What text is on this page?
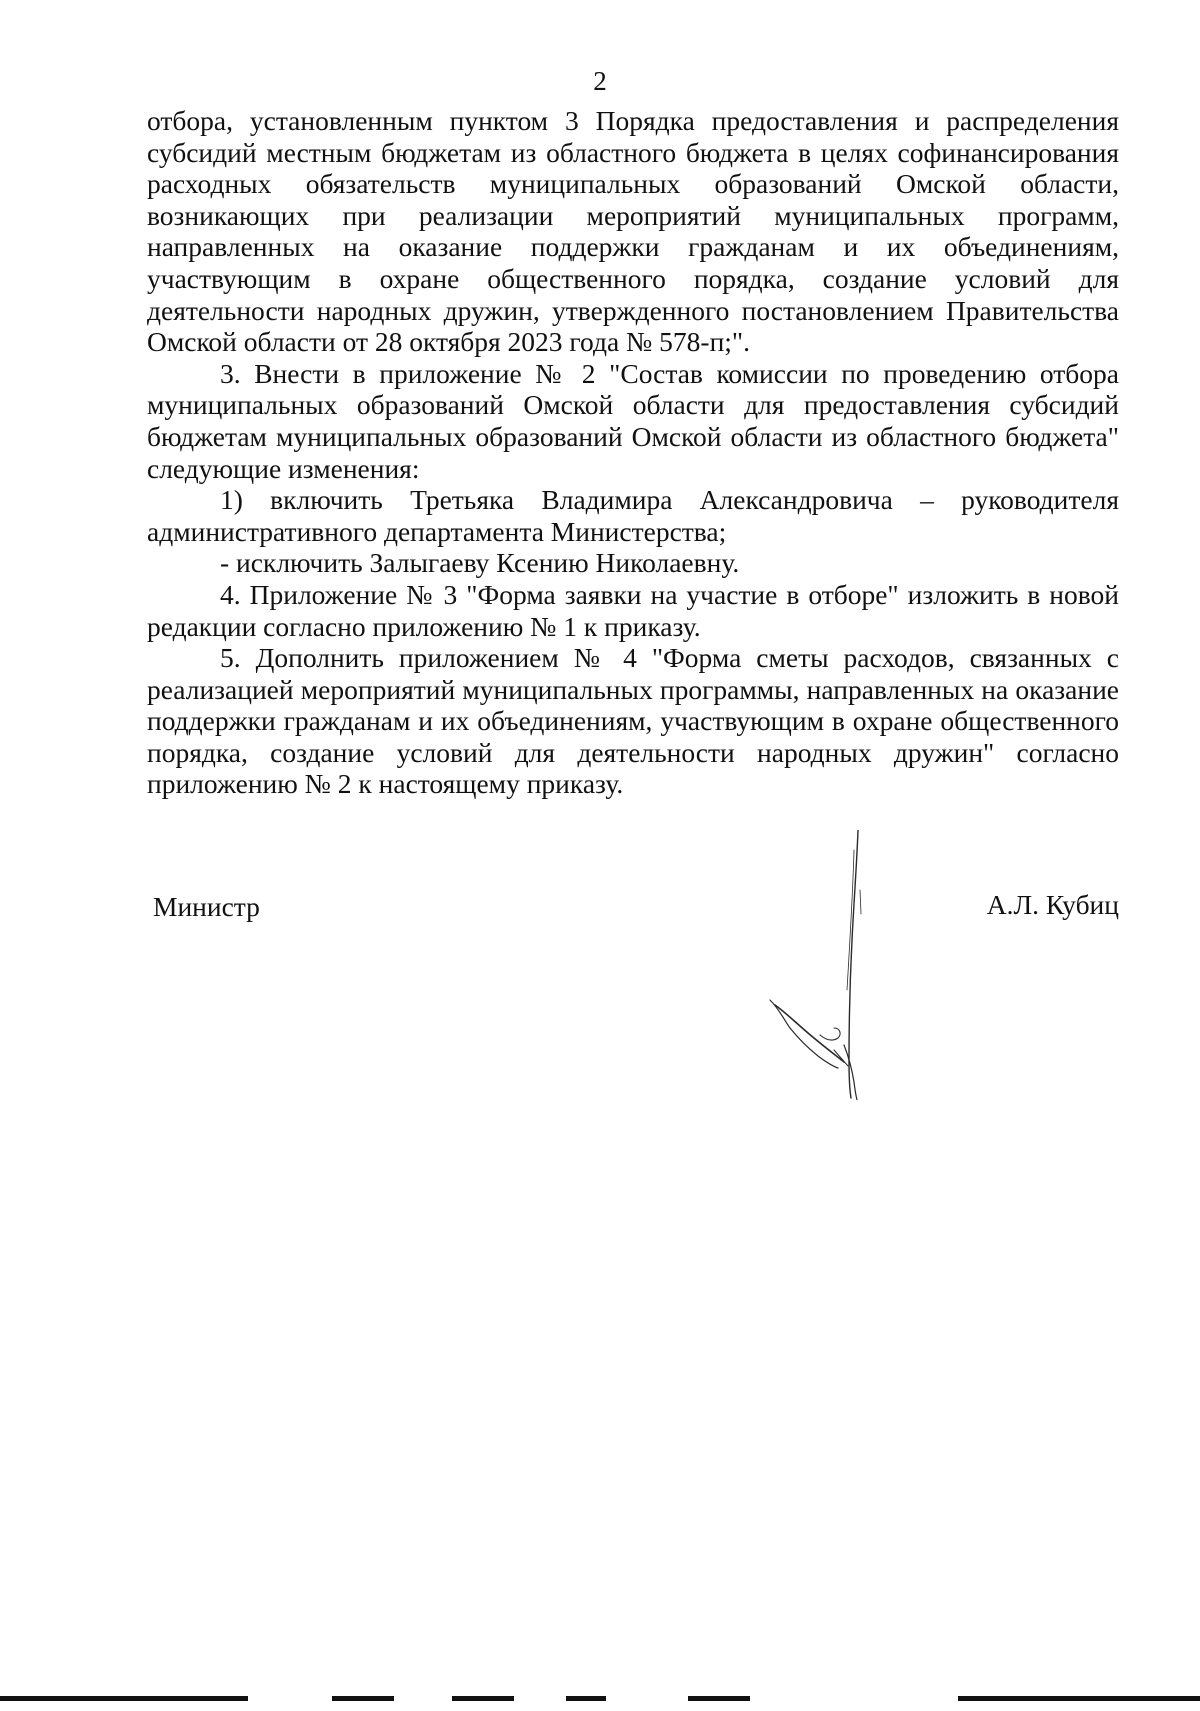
2

отбора, установленным пунктом 3 Порядка предоставления и распределения субсидий местным бюджетам из областного бюджета в целях софинансирования расходных обязательств муниципальных образований Омской области, возникающих при реализации мероприятий муниципальных программ, направленных на оказание поддержки гражданам и их объединениям, участвующим в охране общественного порядка, создание условий для деятельности народных дружин, утвержденного постановлением Правительства Омской области от 28 октября 2023 года № 578-п;".

3. Внести в приложение № 2 "Состав комиссии по проведению отбора муниципальных образований Омской области для предоставления субсидий бюджетам муниципальных образований Омской области из областного бюджета" следующие изменения:

1) включить Третьяка Владимира Александровича – руководителя административного департамента Министерства;

- исключить Залыгаеву Ксению Николаевну.

4. Приложение № 3 "Форма заявки на участие в отборе" изложить в новой редакции согласно приложению № 1 к приказу.

5. Дополнить приложением № 4 "Форма сметы расходов, связанных с реализацией мероприятий муниципальных программы, направленных на оказание поддержки гражданам и их объединениям, участвующим в охране общественного порядка, создание условий для деятельности народных дружин" согласно приложению № 2 к настоящему приказу.

Министр	А.Л. Кубиц
